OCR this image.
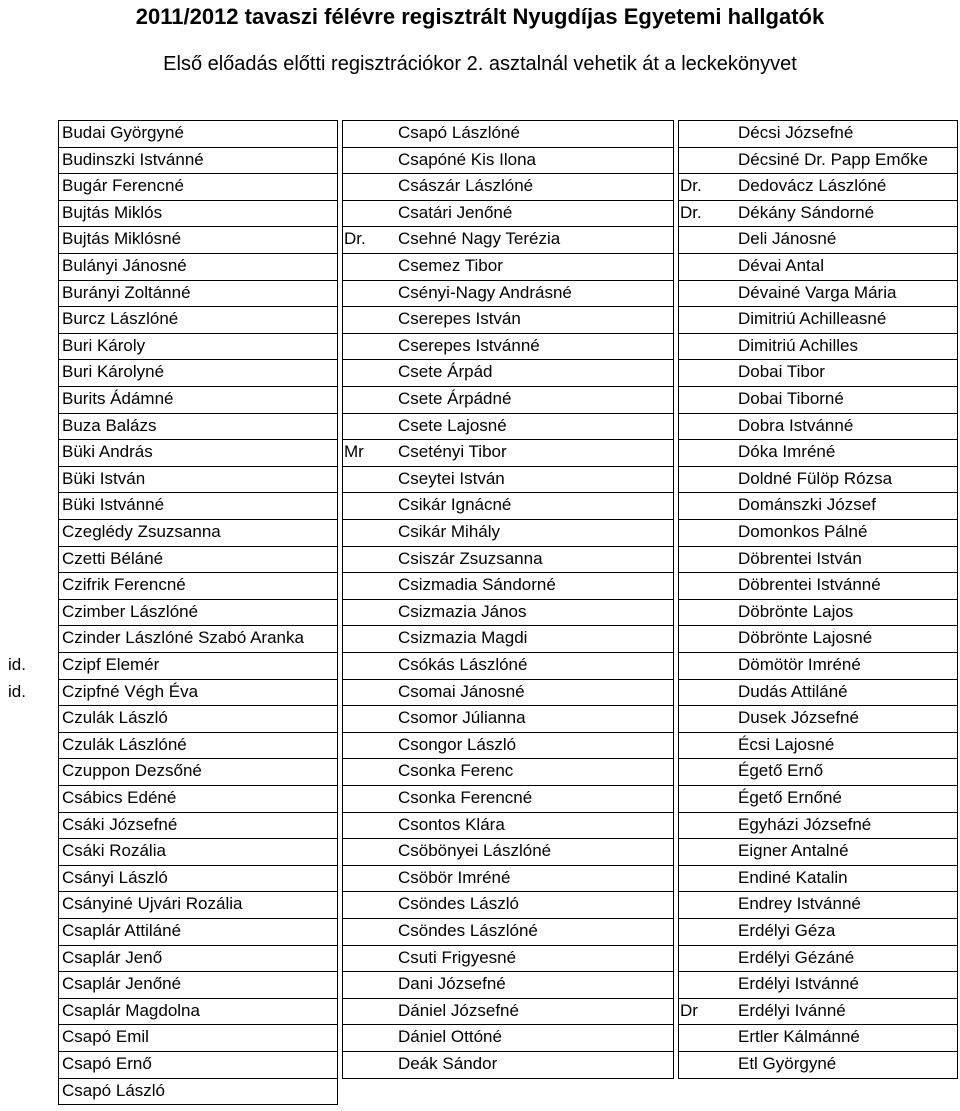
2011/2012 tavaszi félévre regisztrált Nyugdíjas Egyetemi hallgatók
Első előadás előtti regisztrációkor 2. asztalnál vehetik át a leckekönyvet
Budai Györgyné
Budinszki Istvánné
Bugár Ferencné
Bujtás Miklós
Bujtás Miklósné
Bulányi Jánosné
Burányi Zoltánné
Burcz Lászlóné
Buri Károly
Buri Károlyné
Burits Ádámné
Buza Balázs
Büki András
Büki István
Büki Istvánné
Czeglédy Zsuzsanna
Czetti Béláné
Czifrik Ferencné
Czimber Lászlóné
Czinder Lászlóné Szabó Aranka
id. Czipf Elemér
id. Czipfné Végh Éva
Czulák László
Czulák Lászlóné
Czuppon Dezsőné
Csábics Edéné
Csáki Józsefné
Csáki Rozália
Csányi László
Csányiné Ujvári Rozália
Csaplár Attiláné
Csaplár Jenő
Csaplár Jenőné
Csaplár Magdolna
Csapó Emil
Csapó Ernő
Csapó László
Csapó Lászlóné
Csapóné Kis Ilona
Császár Lászlóné
Csatári Jenőné
Dr. Csehné Nagy Terézia
Csemez Tibor
Csényi-Nagy Andrásné
Cserepes István
Cserepes Istvánné
Csete Árpád
Csete Árpádné
Csete Lajosné
Mr Csetényi Tibor
Cseytei István
Csikár Ignácné
Csikár Mihály
Csiszár Zsuzsanna
Csizmadia Sándorné
Csizmazia János
Csizmazia Magdi
Csókás Lászlóné
Csomai Jánosné
Csomor Júlianna
Csongor László
Csonka Ferenc
Csonka Ferencné
Csontos Klára
Csöbönyei Lászlóné
Csöbör Imréné
Csöndes László
Csöndes Lászlóné
Csuti Frigyesné
Dani Józsefné
Dániel Józsefné
Dániel Ottóné
Deák Sándor
Décsi Józsefné
Décsiné Dr. Papp Emőke
Dr. Dedovácz Lászlóné
Dr. Dékány Sándorné
Deli Jánosné
Dévai Antal
Dévainé Varga Mária
Dimitriú Achilleasné
Dimitriú Achilles
Dobai Tibor
Dobai Tiborné
Dobra Istvánné
Dóka Imréné
Doldné Fülöp Rózsa
Dománszki József
Domonkos Pálné
Döbrentei István
Döbrentei Istvánné
Döbrönte Lajos
Döbrönte Lajosné
Dömötör Imréné
Dudás Attiláné
Dusek Józsefné
Écsi Lajosné
Égető Ernő
Égető Ernőné
Egyházi Józsefné
Eigner Antalné
Endiné Katalin
Endrey Istvánné
Erdélyi Géza
Erdélyi Gézáné
Erdélyi Istvánné
Dr Erdélyi Ivánné
Ertler Kálmánné
Etl Györgyné
